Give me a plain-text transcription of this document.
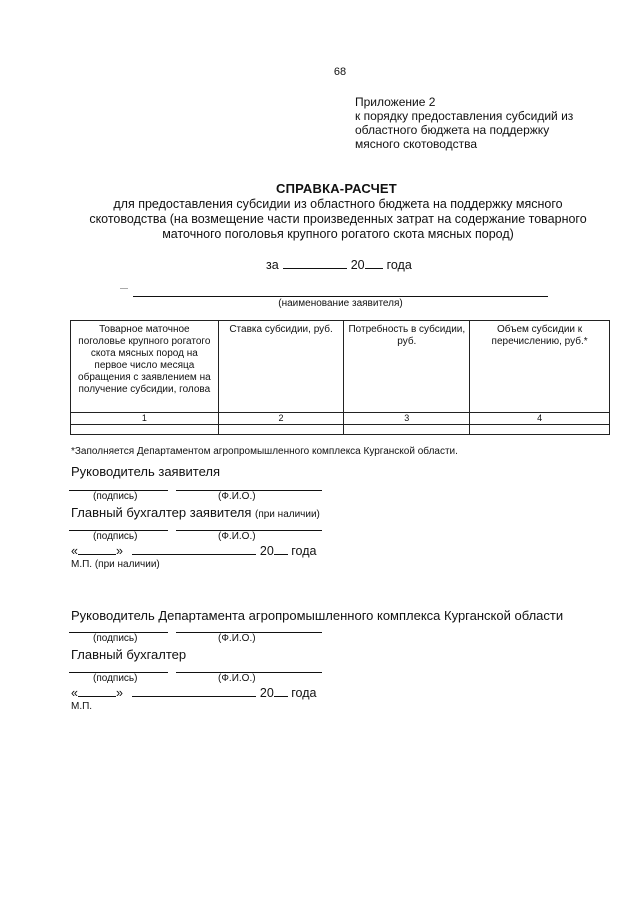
68
Приложение 2
к порядку предоставления субсидий из
областного бюджета на поддержку
мясного скотоводства
СПРАВКА-РАСЧЕТ
для предоставления субсидии из областного бюджета на поддержку мясного
скотоводства (на возмещение части произведенных затрат на содержание товарного
маточного поголовья крупного рогатого скота мясных пород)
за	20 года
(наименование заявителя)
Товарное маточное поголовье крупного рогатого скота мясных пород на первое число месяца обращения с заявлением на получение субсидии, голова	Ставка субсидии, руб.	Потребность в субсидии, руб.	Объем субсидии к перечислению, руб.*
1	2	3	4

*Заполняется Департаментом агропромышленного комплекса Курганской области.
Руководитель заявителя
(подпись)	(Ф.И.О.)
Главный бухгалтер заявителя (при наличии)
(подпись)	(Ф.И.О.)
«	»	20 года
М.П. (при наличии)
Руководитель Департамента агропромышленного комплекса Курганской области
(подпись)	(Ф.И.О.)
Главный бухгалтер
(подпись)	(Ф.И.О.)
«	»	20 года
М.П.
